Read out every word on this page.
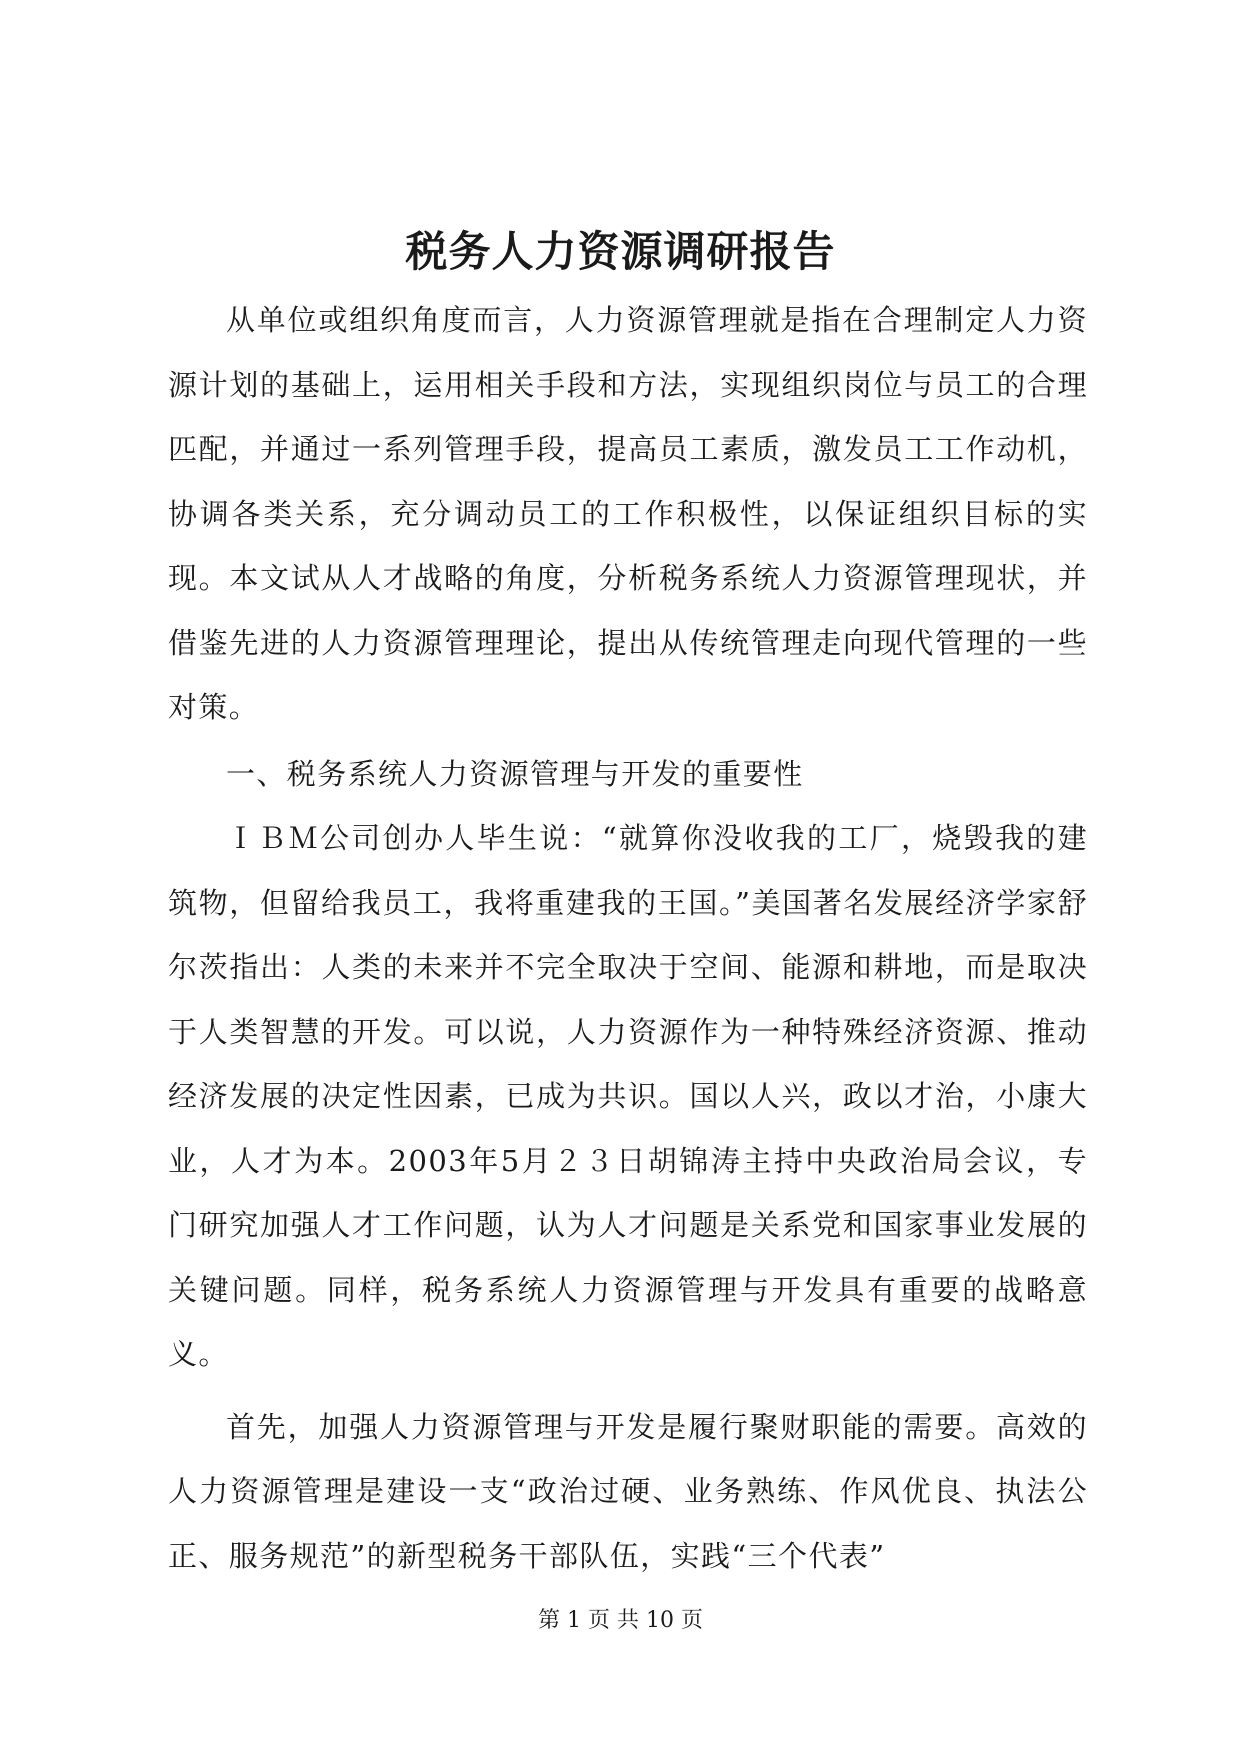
税务人力资源调研报告

从单位或组织角度而言，人力资源管理就是指在合理制定人力资源计划的基础上，运用相关手段和方法，实现组织岗位与员工的合理匹配，并通过一系列管理手段，提高员工素质，激发员工工作动机，协调各类关系，充分调动员工的工作积极性，以保证组织目标的实现。本文试从人才战略的角度，分析税务系统人力资源管理现状，并借鉴先进的人力资源管理理论，提出从传统管理走向现代管理的一些对策。

一、税务系统人力资源管理与开发的重要性

ＩＢＭ公司创办人毕生说：“就算你没收我的工厂，烧毁我的建筑物，但留给我员工，我将重建我的王国。”美国著名发展经济学家舒尔茨指出：人类的未来并不完全取决于空间、能源和耕地，而是取决于人类智慧的开发。可以说，人力资源作为一种特殊经济资源、推动经济发展的决定性因素，已成为共识。国以人兴，政以才治，小康大业，人才为本。2003年5月２３日胡锦涛主持中央政治局会议，专门研究加强人才工作问题，认为人才问题是关系党和国家事业发展的关键问题。同样，税务系统人力资源管理与开发具有重要的战略意义。

首先，加强人力资源管理与开发是履行聚财职能的需要。高效的人力资源管理是建设一支“政治过硬、业务熟练、作风优良、执法公正、服务规范”的新型税务干部队伍，实践“三个代表”

第 1 页 共 10 页
